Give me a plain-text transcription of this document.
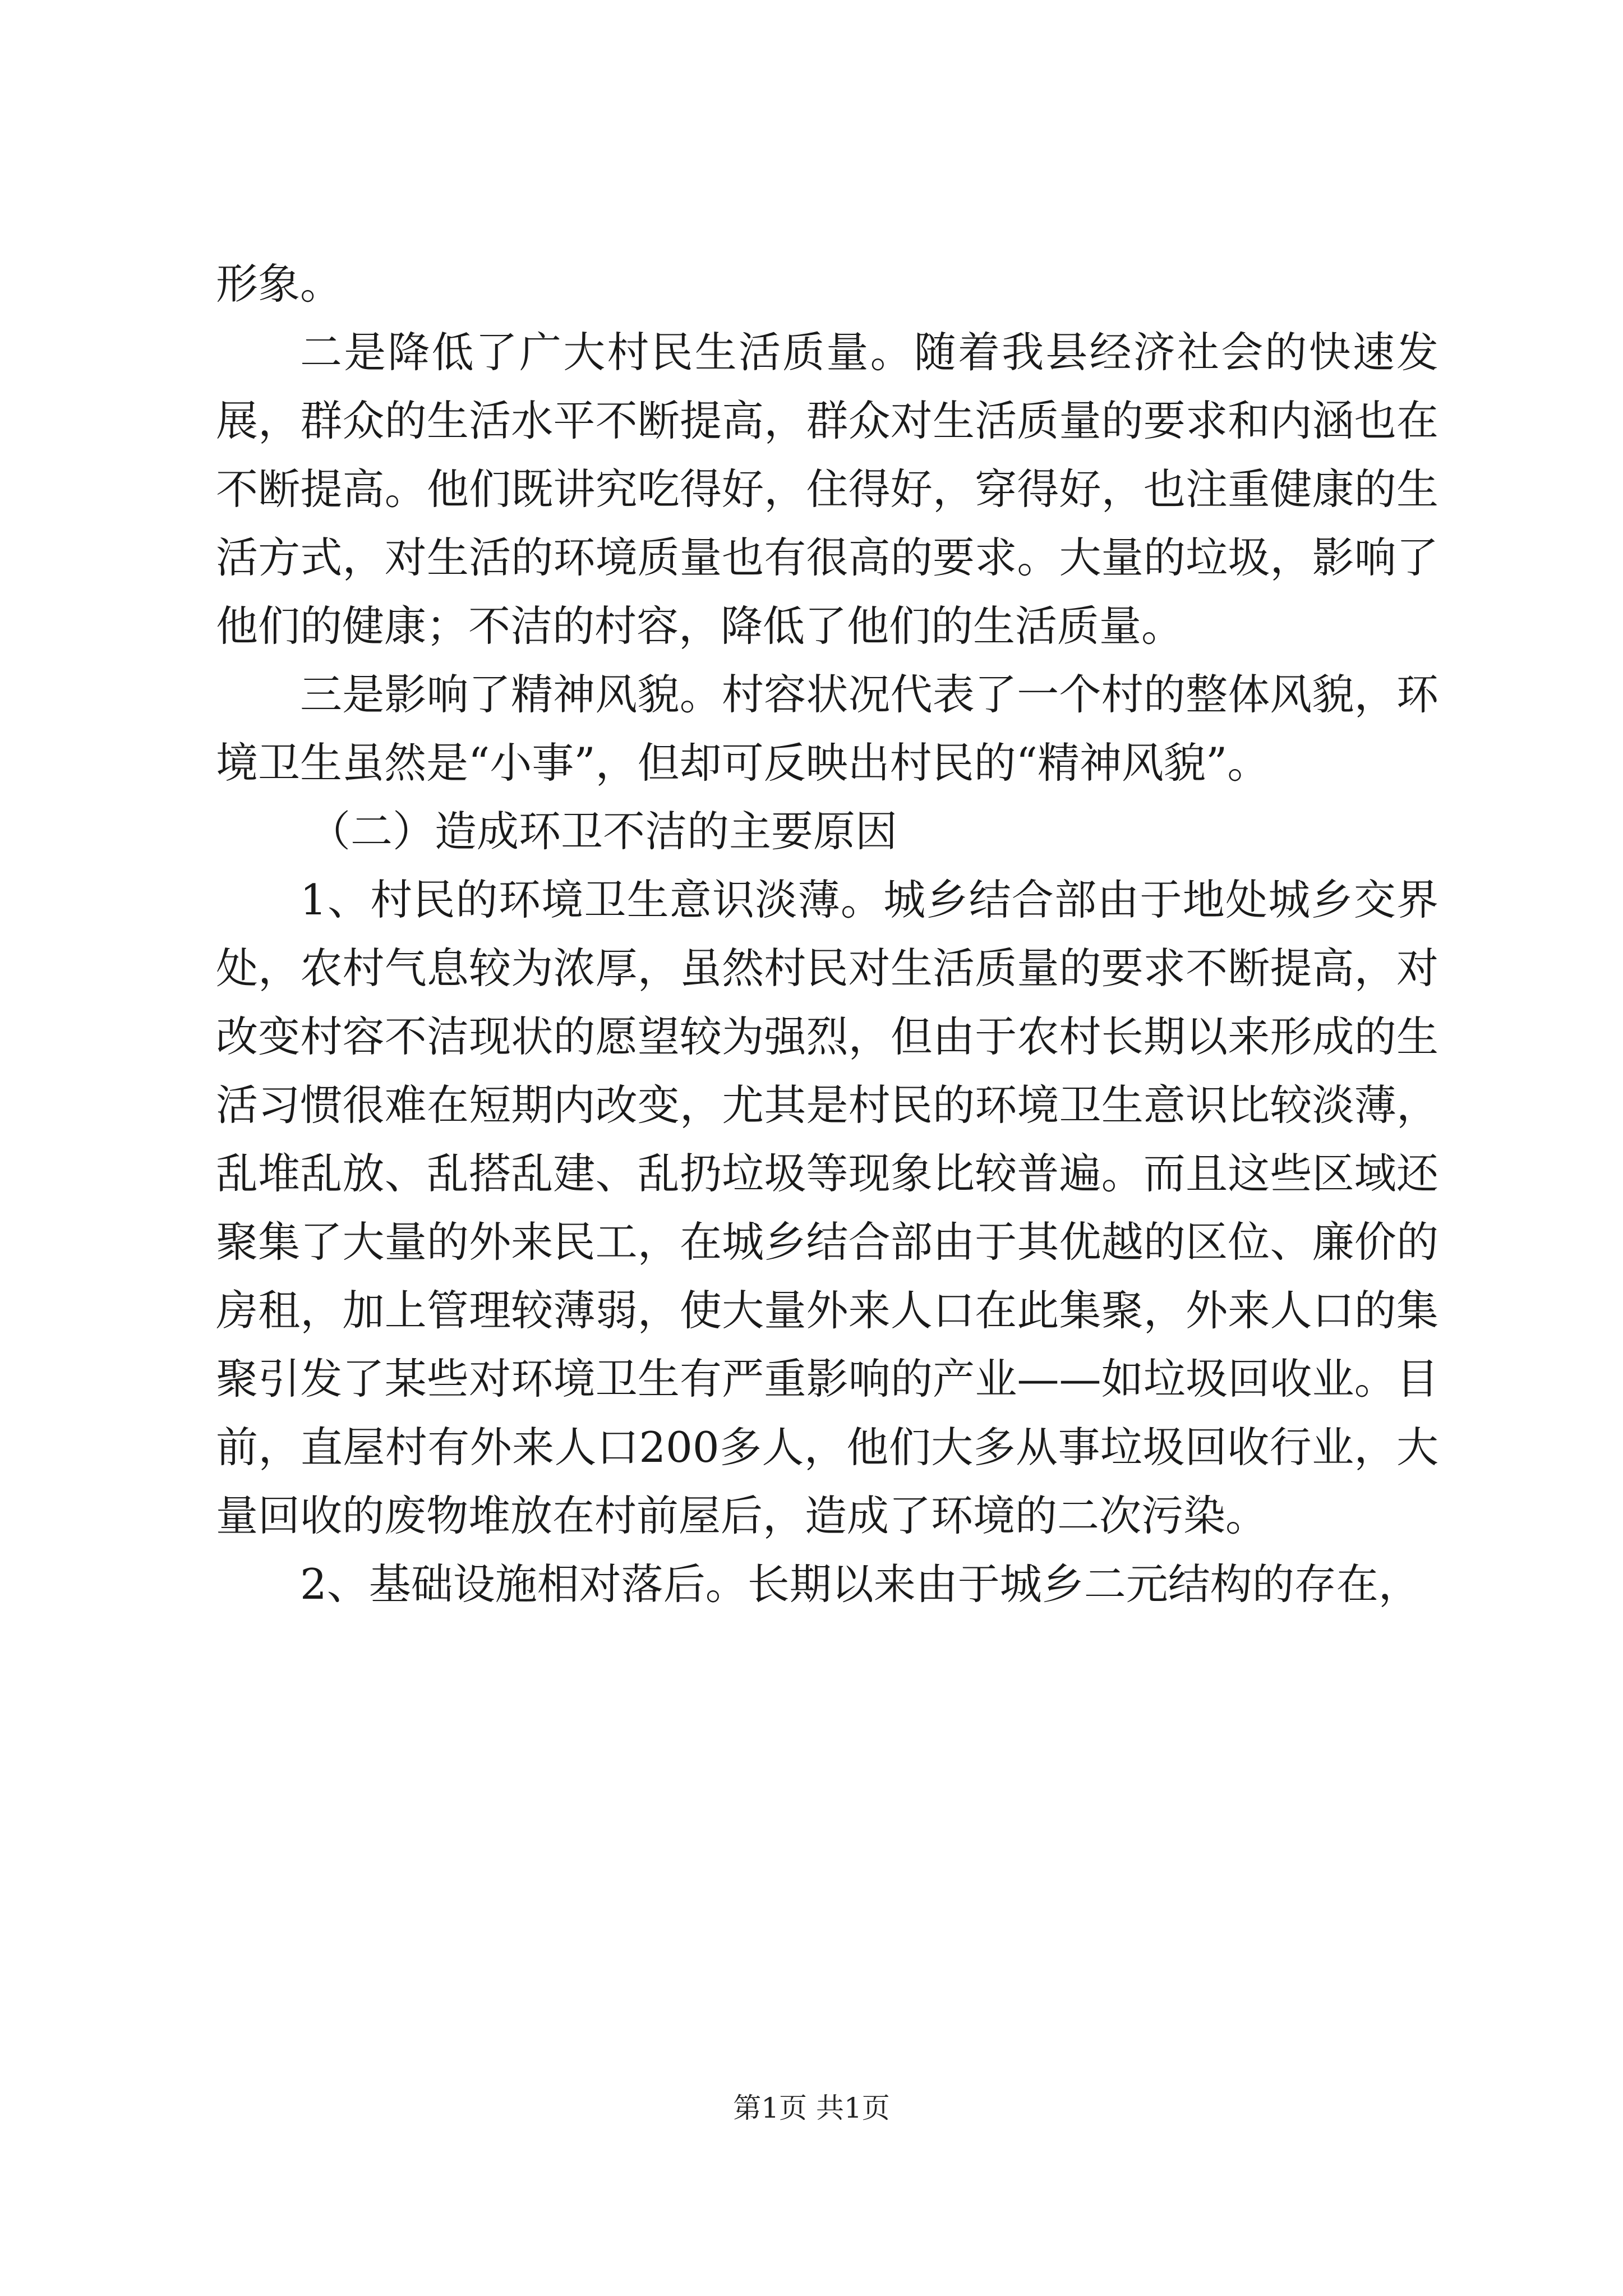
形象。

二是降低了广大村民生活质量。随着我县经济社会的快速发展，群众的生活水平不断提高，群众对生活质量的要求和内涵也在不断提高。他们既讲究吃得好，住得好，穿得好，也注重健康的生活方式，对生活的环境质量也有很高的要求。大量的垃圾，影响了他们的健康；不洁的村容，降低了他们的生活质量。

三是影响了精神风貌。村容状况代表了一个村的整体风貌，环境卫生虽然是“小事”，但却可反映出村民的“精神风貌”。

（二）造成环卫不洁的主要原因

1、村民的环境卫生意识淡薄。城乡结合部由于地处城乡交界处，农村气息较为浓厚，虽然村民对生活质量的要求不断提高，对改变村容不洁现状的愿望较为强烈，但由于农村长期以来形成的生活习惯很难在短期内改变，尤其是村民的环境卫生意识比较淡薄，乱堆乱放、乱搭乱建、乱扔垃圾等现象比较普遍。而且这些区域还聚集了大量的外来民工，在城乡结合部由于其优越的区位、廉价的房租，加上管理较薄弱，使大量外来人口在此集聚，外来人口的集聚引发了某些对环境卫生有严重影响的产业——如垃圾回收业。目前，直屋村有外来人口200多人，他们大多从事垃圾回收行业，大量回收的废物堆放在村前屋后，造成了环境的二次污染。

2、基础设施相对落后。长期以来由于城乡二元结构的存在，

第1页 共1页
